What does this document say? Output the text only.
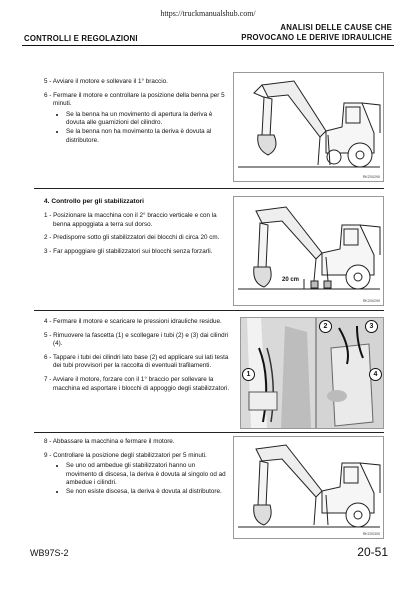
https://truckmanualshub.com/
CONTROLLI E REGOLAZIONI
ANALISI DELLE CAUSE CHE
PROVOCANO LE DERIVE IDRAULICHE

5 - Avviare il motore e sollevare il 1° braccio.

6 - Fermare il motore e controllare la posizione della benna per 5 minuti.

• Se la benna ha un movimento di apertura la deriva è dovuta alle guarnizioni del cilindro.
• Se la benna non ha movimento la deriva è dovuta al distributore.
RKZ00290
4. Controllo per gli stabilizzatori

1 - Posizionare la macchina con il 2° braccio verticale e con la benna appoggiata a terra sul dorso.

2 - Predisporre sotto gli stabilizzatori dei blocchi di circa 20 cm.

3 - Far appoggiare gli stabilizzatori sui blocchi senza forzarli.

20 cm
RKZ00290

4 - Fermare il motore e scaricare le pressioni idrauliche residue.

5 - Rimuovere la fascetta (1) e scollegare i tubi (2) e (3) dai cilindri (4).

6 - Tappare i tubi dei cilindri lato base (2) ed applicare sui lati testa dei tubi provvisori per la raccolta di eventuali trafilamenti.

7 - Avviare il motore, forzare con il 1° braccio per sollevare la macchina ed asportare i blocchi di appoggio degli stabilizzatori.

1
2	3
4

8 - Abbassare la macchina e fermare il motore.

9 - Controllare la posizione degli stabilizzatori per 5 minuti.

• Se uno od ambedue gli stabilizzatori hanno un movimento di discesa, la deriva è dovuta al singolo od ad ambedue i cilindri.
• Se non esiste discesa, la deriva è dovuta al distributore.
RKZ00300
WB97S-2	20-51
